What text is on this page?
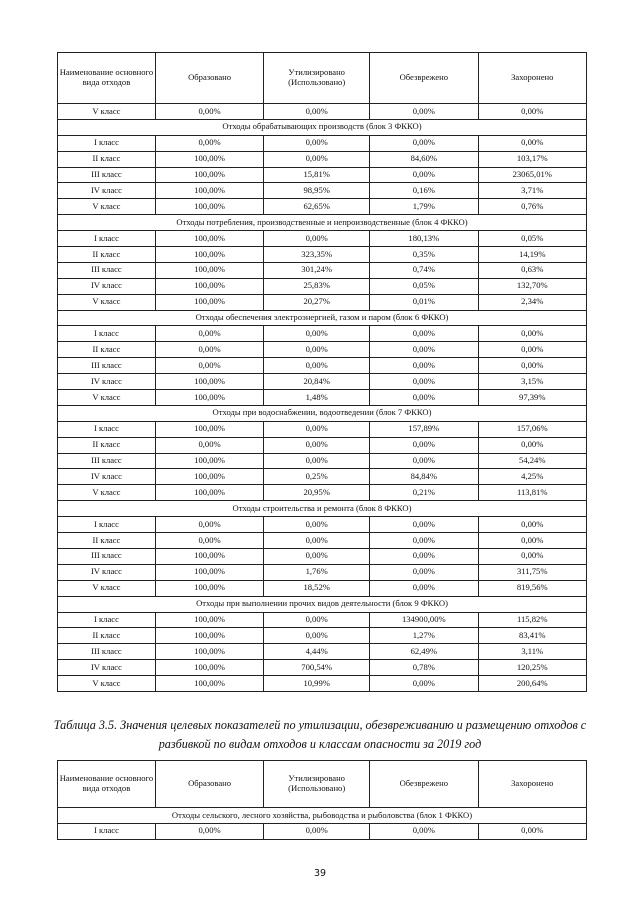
Наименование основного вида отходов	Образовано	Утилизировано (Использовано)	Обезврежено	Захоронено
V класс	0,00%	0,00%	0,00%	0,00%
Отходы обрабатывающих производств (блок 3 ФККО)				
I класс	0,00%	0,00%	0,00%	0,00%
II класс	100,00%	0,00%	84,60%	103,17%
III класс	100,00%	15,81%	0,00%	23065,01%
IV класс	100,00%	98,95%	0,16%	3,71%
V класс	100,00%	62,65%	1,79%	0,76%
Отходы потребления, производственные и непроизводственные (блок 4 ФККО)				
I класс	100,00%	0,00%	180,13%	0,05%
II класс	100,00%	323,35%	0,35%	14,19%
III класс	100,00%	301,24%	0,74%	0,63%
IV класс	100,00%	25,83%	0,05%	132,70%
V класс	100,00%	20,27%	0,01%	2,34%
Отходы обеспечения электроэнергией, газом и паром (блок 6 ФККО)				
I класс	0,00%	0,00%	0,00%	0,00%
II класс	0,00%	0,00%	0,00%	0,00%
III класс	0,00%	0,00%	0,00%	0,00%
IV класс	100,00%	20,84%	0,00%	3,15%
V класс	100,00%	1,48%	0,00%	97,39%
Отходы при водоснабжении, водоотведении (блок 7 ФККО)				
I класс	100,00%	0,00%	157,89%	157,06%
II класс	0,00%	0,00%	0,00%	0,00%
III класс	100,00%	0,00%	0,00%	54,24%
IV класс	100,00%	0,25%	84,84%	4,25%
V класс	100,00%	20,95%	0,21%	113,81%
Отходы строительства и ремонта (блок 8 ФККО)				
I класс	0,00%	0,00%	0,00%	0,00%
II класс	0,00%	0,00%	0,00%	0,00%
III класс	100,00%	0,00%	0,00%	0,00%
IV класс	100,00%	1,76%	0,00%	311,75%
V класс	100,00%	18,52%	0,00%	819,56%
Отходы при выполнении прочих видов деятельности (блок 9 ФККО)				
I класс	100,00%	0,00%	134900,00%	115,82%
II класс	100,00%	0,00%	1,27%	83,41%
III класс	100,00%	4,44%	62,49%	3,11%
IV класс	100,00%	700,54%	0,78%	120,25%
V класс	100,00%	10,99%	0,00%	200,64%
Таблица 3.5. Значения целевых показателей по утилизации, обезвреживанию и размещению отходов с разбивкой по видам отходов и классам опасности за 2019 год
Наименование основного вида отходов	Образовано	Утилизировано (Использовано)	Обезврежено	Захоронено
Отходы сельского, лесного хозяйства, рыбоводства и рыболовства (блок 1 ФККО)				
I класс	0,00%	0,00%	0,00%	0,00%
39
